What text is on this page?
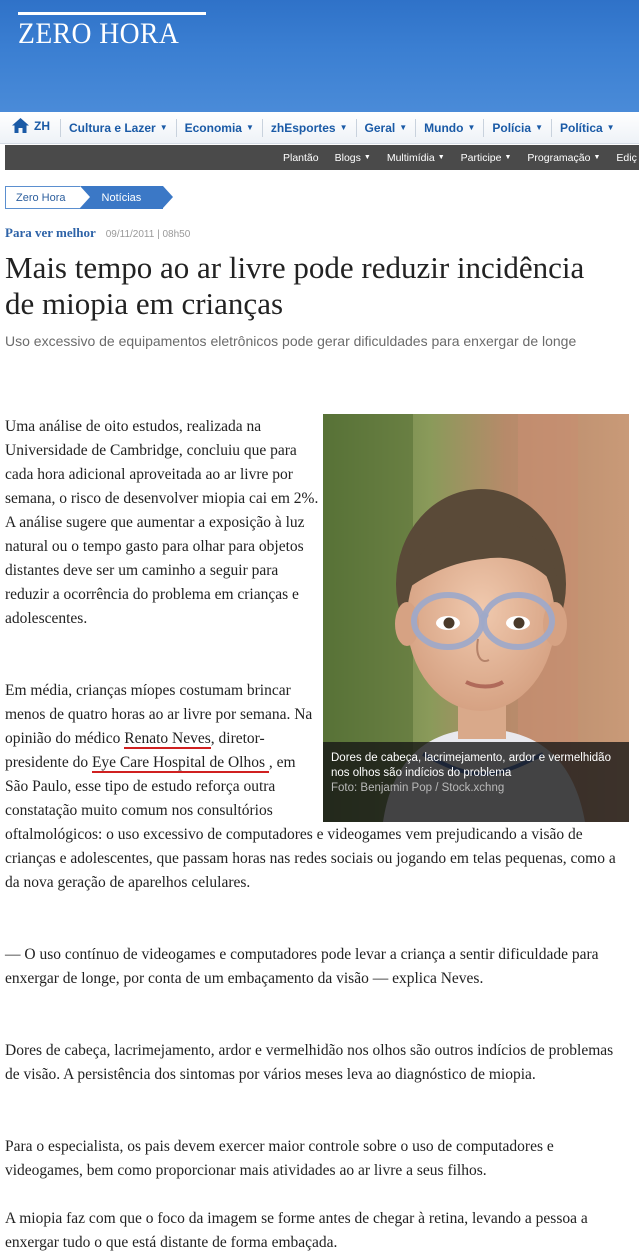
ZERO HORA
ZH Cultura e Lazer ▼ Economia ▼ zhEsportes ▼ Geral ▼ Mundo ▼ Polícia ▼ Política ▼
Plantão Blogs ▼ Multimídia ▼ Participe ▼ Programação ▼ Ediç
Zero Hora	Notícias
Para ver melhor 09/11/2011 | 08h50
Mais tempo ao ar livre pode reduzir incidência de miopia em crianças
Uso excessivo de equipamentos eletrônicos pode gerar dificuldades para enxergar de longe
Dores de cabeça, lacrimejamento, ardor e vermelhidão nos olhos são indícios do problema
Foto: Benjamin Pop / Stock.xchng

Uma análise de oito estudos, realizada na Universidade de Cambridge, concluiu que para cada hora adicional aproveitada ao ar livre por semana, o risco de desenvolver miopia cai em 2%. A análise sugere que aumentar a exposição à luz natural ou o tempo gasto para olhar para objetos distantes deve ser um caminho a seguir para reduzir a ocorrência do problema em crianças e adolescentes.

Em média, crianças míopes costumam brincar menos de quatro horas ao ar livre por semana. Na opinião do médico Renato Neves, diretor-presidente do Eye Care Hospital de Olhos , em São Paulo, esse tipo de estudo reforça outra constatação muito comum nos consultórios oftalmológicos: o uso excessivo de computadores e videogames vem prejudicando a visão de crianças e adolescentes, que passam horas nas redes sociais ou jogando em telas pequenas, como a da nova geração de aparelhos celulares.

— O uso contínuo de videogames e computadores pode levar a criança a sentir dificuldade para enxergar de longe, por conta de um embaçamento da visão — explica Neves.

Dores de cabeça, lacrimejamento, ardor e vermelhidão nos olhos são outros indícios de problemas de visão. A persistência dos sintomas por vários meses leva ao diagnóstico de miopia.

Para o especialista, os pais devem exercer maior controle sobre o uso de computadores e videogames, bem como proporcionar mais atividades ao ar livre a seus filhos.

A miopia faz com que o foco da imagem se forme antes de chegar à retina, levando a pessoa a enxergar tudo o que está distante de forma embaçada.
